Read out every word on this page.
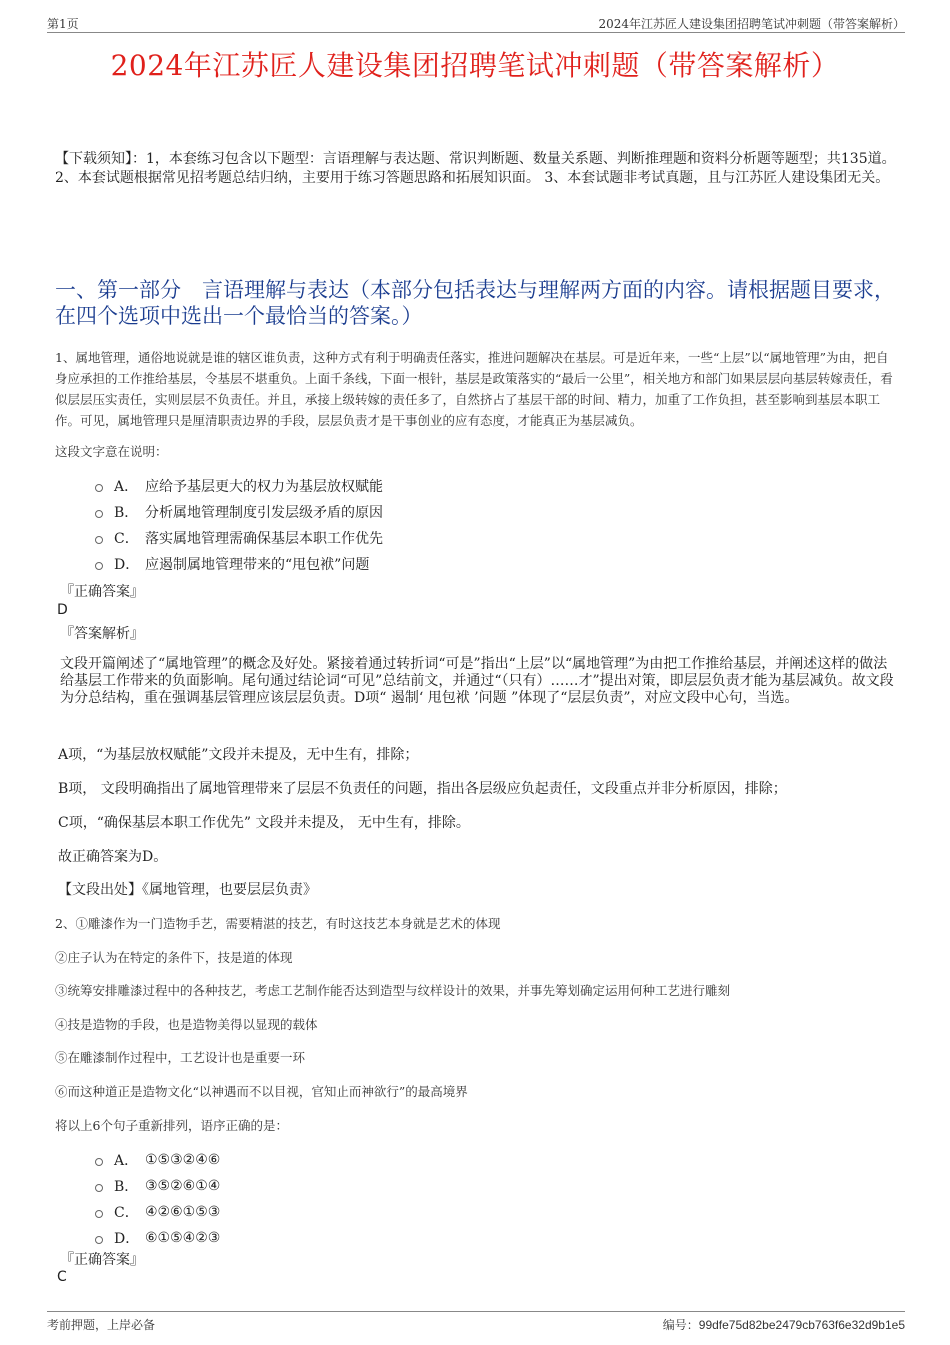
第1页	2024年江苏匠人建设集团招聘笔试冲刺题（带答案解析）
2024年江苏匠人建设集团招聘笔试冲刺题（带答案解析）
【下载须知】：1，本套练习包含以下题型：言语理解与表达题、常识判断题、数量关系题、判断推理题和资料分析题等题型；共135道。 2、本套试题根据常见招考题总结归纳，主要用于练习答题思路和拓展知识面。 3、本套试题非考试真题，且与江苏匠人建设集团无关。
一、第一部分　言语理解与表达（本部分包括表达与理解两方面的内容。请根据题目要求，在四个选项中选出一个最恰当的答案。）
1、属地管理，通俗地说就是谁的辖区谁负责，这种方式有利于明确责任落实，推进问题解决在基层。可是近年来，一些“上层”以“属地管理”为由，把自身应承担的工作推给基层，令基层不堪重负。上面千条线，下面一根针，基层是政策落实的“最后一公里”，相关地方和部门如果层层向基层转嫁责任，看似层层压实责任，实则层层不负责任。并且，承接上级转嫁的责任多了，自然挤占了基层干部的时间、精力，加重了工作负担，甚至影响到基层本职工作。可见，属地管理只是厘清职责边界的手段，层层负责才是干事创业的应有态度，才能真正为基层减负。
这段文字意在说明：
A． 应给予基层更大的权力为基层放权赋能
B． 分析属地管理制度引发层级矛盾的原因
C． 落实属地管理需确保基层本职工作优先
D． 应遏制属地管理带来的“甩包袱”问题
『正确答案』
D
『答案解析』
文段开篇阐述了“属地管理”的概念及好处。紧接着通过转折词“可是”指出“上层”以“属地管理”为由把工作推给基层，并阐述这样的做法给基层工作带来的负面影响。尾句通过结论词“可见”总结前文，并通过“（只有）……才”提出对策，即层层负责才能为基层减负。故文段为分总结构，重在强调基层管理应该层层负责。D项“ 遏制‘ 甩包袱 ’问题 ”体现了“层层负责”，对应文段中心句，当选。
A项，“为基层放权赋能”文段并未提及，无中生有，排除；
B项， 文段明确指出了属地管理带来了层层不负责任的问题，指出各层级应负起责任，文段重点并非分析原因，排除；
C项，“确保基层本职工作优先” 文段并未提及， 无中生有，排除。
故正确答案为D。
【文段出处】《属地管理，也要层层负责》
2、①雕漆作为一门造物手艺，需要精湛的技艺，有时这技艺本身就是艺术的体现
②庄子认为在特定的条件下，技是道的体现
③统筹安排雕漆过程中的各种技艺，考虑工艺制作能否达到造型与纹样设计的效果，并事先筹划确定运用何种工艺进行雕刻
④技是造物的手段，也是造物美得以显现的载体
⑤在雕漆制作过程中，工艺设计也是重要一环
⑥而这种道正是造物文化“以神遇而不以目视，官知止而神欲行”的最高境界
将以上6个句子重新排列，语序正确的是：
A． ①⑤③②④⑥
B． ③⑤②⑥①④
C． ④②⑥①⑤③
D． ⑥①⑤④②③
『正确答案』
C
考前押题，上岸必备	编号：99dfe75d82be2479cb763f6e32d9b1e5
